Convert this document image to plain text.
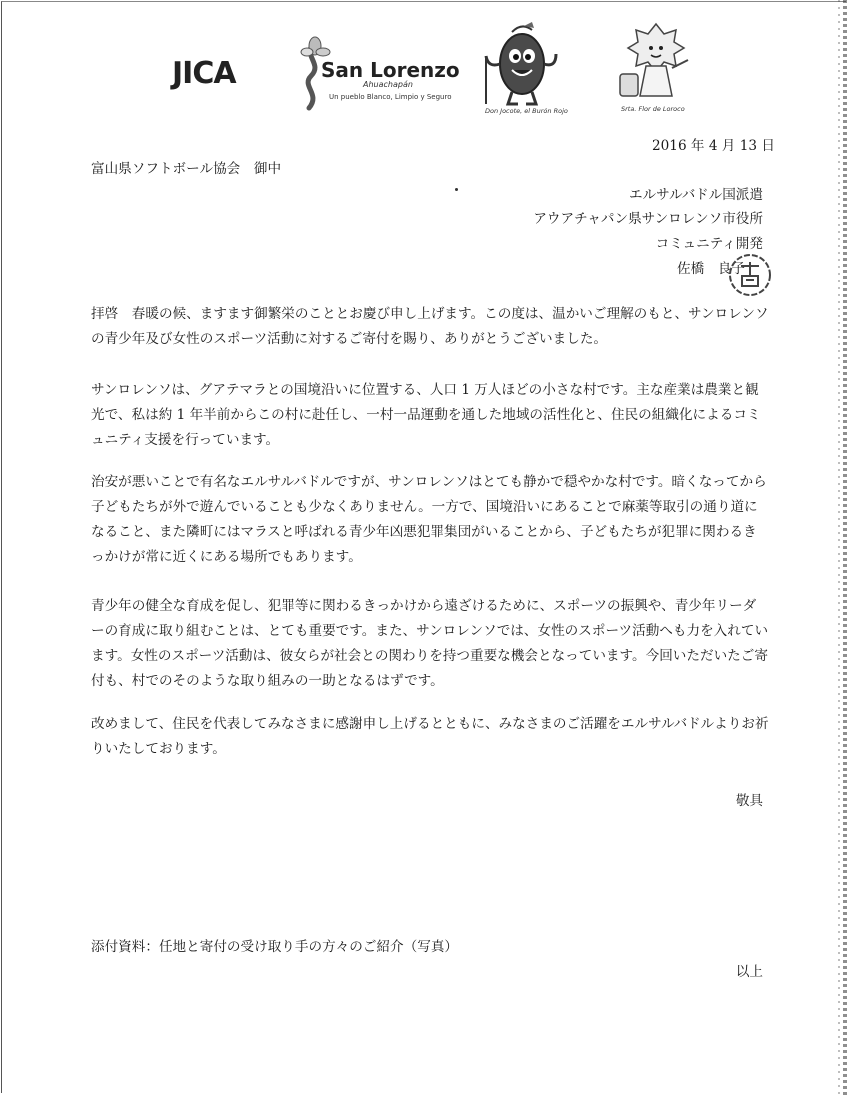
JICA	San Lorenzo
Ahuachapán
Un pueblo Blanco, Limpio y Seguro
Don Jocote, el Burón Rojo	Srta. Flor de Loroco
2016 年 4 月 13 日
富山県ソフトボール協会　御中
エルサルバドル国派遣
アウアチャパン県サンロレンソ市役所
コミュニティ開発
佐橋　良子
拝啓　春暖の候、ますます御繁栄のこととお慶び申し上げます。この度は、温かいご理解のもと、サンロレンソの青少年及び女性のスポーツ活動に対するご寄付を賜り、ありがとうございました。
サンロレンソは、グアテマラとの国境沿いに位置する、人口 1 万人ほどの小さな村です。主な産業は農業と観光で、私は約 1 年半前からこの村に赴任し、一村一品運動を通した地域の活性化と、住民の組織化によるコミュニティ支援を行っています。
治安が悪いことで有名なエルサルバドルですが、サンロレンソはとても静かで穏やかな村です。暗くなってから子どもたちが外で遊んでいることも少なくありません。一方で、国境沿いにあることで麻薬等取引の通り道になること、また隣町にはマラスと呼ばれる青少年凶悪犯罪集団がいることから、子どもたちが犯罪に関わるきっかけが常に近くにある場所でもあります。
青少年の健全な育成を促し、犯罪等に関わるきっかけから遠ざけるために、スポーツの振興や、青少年リーダーの育成に取り組むことは、とても重要です。また、サンロレンソでは、女性のスポーツ活動へも力を入れています。女性のスポーツ活動は、彼女らが社会との関わりを持つ重要な機会となっています。今回いただいたご寄付も、村でのそのような取り組みの一助となるはずです。
改めまして、住民を代表してみなさまに感謝申し上げるとともに、みなさまのご活躍をエルサルバドルよりお祈りいたしております。
敬具
添付資料：任地と寄付の受け取り手の方々のご紹介（写真）
以上
